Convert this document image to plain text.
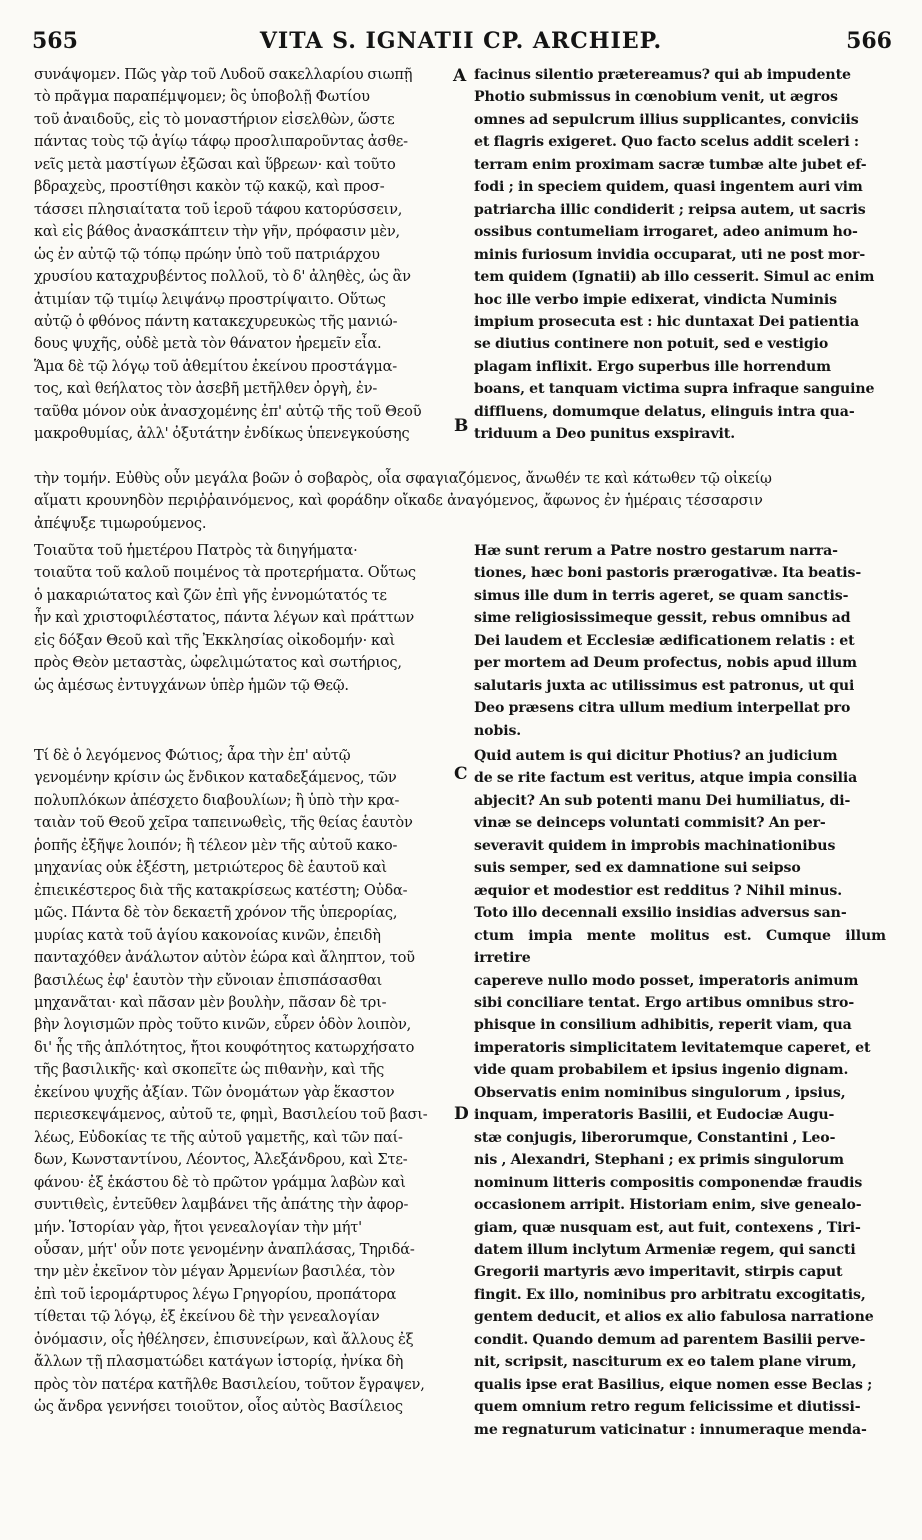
565	VITA S. IGNATII CP. ARCHIEP.	566

συνάψομεν. Πῶς γὰρ τοῦ Λυδοῦ σακελλαρίου σιωπῇ
τὸ πρᾶγμα παραπέμψομεν; ὃς ὑποβολῇ Φωτίου
τοῦ ἀναιδοῦς, εἰς τὸ μοναστήριον εἰσελθὼν, ὥστε
πάντας τοὺς τῷ ἁγίῳ τάφῳ προσλιπαροῦντας ἀσθε-
νεῖς μετὰ μαστίγων ἐξῶσαι καὶ ὕβρεων· καὶ τοῦτο
βδραχεὺς, προστίθησι κακὸν τῷ κακῷ, καὶ προσ-
τάσσει πλησιαίτατα τοῦ ἱεροῦ τάφου κατορύσσειν,
καὶ εἰς βάθος ἀνασκάπτειν τὴν γῆν, πρόφασιν μὲν,
ὡς ἐν αὐτῷ τῷ τόπῳ πρώην ὑπὸ τοῦ πατριάρχου
χρυσίου καταχρυβέντος πολλοῦ, τὸ δ' ἀληθὲς, ὡς ἂν
ἀτιμίαν τῷ τιμίῳ λειψάνῳ προστρίψαιτο. Οὕτως
αὐτῷ ὁ φθόνος πάντη κατακεχυρευκὼς τῆς μανιώ-
δους ψυχῆς, οὐδὲ μετὰ τὸν θάνατον ἠρεμεῖν εἶα.
Ἅμα δὲ τῷ λόγῳ τοῦ ἀθεμίτου ἐκείνου προστάγμα-
τος, καὶ θεήλατος τὸν ἀσεβῆ μετῆλθεν ὀργὴ, ἐν-
ταῦθα μόνον οὐκ ἀνασχομένης ἐπ' αὐτῷ τῆς τοῦ Θεοῦ
μακροθυμίας, ἀλλ' ὀξυτάτην ἐνδίκως ὑπενεγκούσης

A facinus silentio prætereamus? qui ab impudente
Photio submissus in cœnobium venit, ut ægros
omnes ad sepulcrum illius supplicantes, conviciis
et flagris exigeret. Quo facto scelus addit sceleri :
terram enim proximam sacræ tumbæ alte jubet ef-
fodi ; in speciem quidem, quasi ingentem auri vim
patriarcha illic condiderit ; reipsa autem, ut sacris
ossibus contumeliam irrogaret, adeo animum ho-
minis furiosum invidia occuparat, uti ne post mor-
tem quidem (Ignatii) ab illo cesserit. Simul ac enim
hoc ille verbo impie edixerat, vindicta Numinis
impium prosecuta est : hic duntaxat Dei patientia
se diutius continere non potuit, sed e vestigio
plagam inflixit. Ergo superbus ille horrendum
boans, et tanquam victima supra infraque sanguine
diffluens, domumque delatus, elinguis intra qua-
triduum a Deo punitus exspiravit.

B
τὴν τομήν. Εὐθὺς οὖν μεγάλα βοῶν ὁ σοβαρὸς, οἷα σφαγιαζόμενος, ἄνωθέν τε καὶ κάτωθεν τῷ οἰκείῳ
αἵματι κρουνηδὸν περιῤῥαινόμενος, καὶ φοράδην οἴκαδε ἀναγόμενος, ἄφωνος ἐν ἡμέραις τέσσαρσιν
ἀπέψυξε τιμωρούμενος.

Τοιαῦτα τοῦ ἡμετέρου Πατρὸς τὰ διηγήματα·
τοιαῦτα τοῦ καλοῦ ποιμένος τὰ προτερήματα. Οὕτως
ὁ μακαριώτατος καὶ ζῶν ἐπὶ γῆς ἐννομώτατός τε
ἦν καὶ χριστοφιλέστατος, πάντα λέγων καὶ πράττων
εἰς δόξαν Θεοῦ καὶ τῆς Ἐκκλησίας οἰκοδομήν· καὶ
πρὸς Θεὸν μεταστὰς, ὠφελιμώτατος καὶ σωτήριος,
ὡς ἀμέσως ἐντυγχάνων ὑπὲρ ἡμῶν τῷ Θεῷ.

Hæ sunt rerum a Patre nostro gestarum narra-
tiones, hæc boni pastoris prærogativæ. Ita beatis-
simus ille dum in terris ageret, se quam sanctis-
sime religiosissimeque gessit, rebus omnibus ad
Dei laudem et Ecclesiæ ædificationem relatis : et
per mortem ad Deum profectus, nobis apud illum
salutaris juxta ac utilissimus est patronus, ut qui
Deo præsens citra ullum medium interpellat pro
nobis.

C

Τί δὲ ὁ λεγόμενος Φώτιος; ἆρα τὴν ἐπ' αὐτῷ
γενομένην κρίσιν ὡς ἔνδικον καταδεξάμενος, τῶν
πολυπλόκων ἀπέσχετο διαβουλίων; ἢ ὑπὸ τὴν κρα-
ταιὰν τοῦ Θεοῦ χεῖρα ταπεινωθεὶς, τῆς θείας ἑαυτὸν
ῥοπῆς ἐξῆψε λοιπόν; ἢ τέλεον μὲν τῆς αὐτοῦ κακο-
μηχανίας οὐκ ἐξέστη, μετριώτερος δὲ ἑαυτοῦ καὶ
ἐπιεικέστερος διὰ τῆς κατακρίσεως κατέστη; Οὐδα-
μῶς. Πάντα δὲ τὸν δεκαετῆ χρόνον τῆς ὑπερορίας,
μυρίας κατὰ τοῦ ἁγίου κακονοίας κινῶν, ἐπειδὴ
πανταχόθεν ἀνάλωτον αὐτὸν ἑώρα καὶ ἄληπτον, τοῦ
βασιλέως ἐφ' ἑαυτὸν τὴν εὔνοιαν ἐπισπάσασθαι
μηχανᾶται· καὶ πᾶσαν μὲν βουλὴν, πᾶσαν δὲ τρι-
βὴν λογισμῶν πρὸς τοῦτο κινῶν, εὗρεν ὁδὸν λοιπὸν,
δι' ἧς τῆς ἁπλότητος, ἤτοι κουφότητος κατωρχήσατο
τῆς βασιλικῆς· καὶ σκοπεῖτε ὡς πιθανὴν, καὶ τῆς
ἐκείνου ψυχῆς ἀξίαν. Τῶν ὀνομάτων γὰρ ἕκαστον
περιεσκεψάμενος, αὐτοῦ τε, φημὶ, Βασιλείου τοῦ βασι-
λέως, Εὐδοκίας τε τῆς αὐτοῦ γαμετῆς, καὶ τῶν παί-
δων, Κωνσταντίνου, Λέοντος, Ἀλεξάνδρου, καὶ Στε-
φάνου· ἐξ ἑκάστου δὲ τὸ πρῶτον γράμμα λαβὼν καὶ
συντιθεὶς, ἐντεῦθεν λαμβάνει τῆς ἀπάτης τὴν ἀφορ-
μήν. Ἱστορίαν γὰρ, ἤτοι γενεαλογίαν τὴν μήτ'
οὖσαν, μήτ' οὖν ποτε γενομένην ἀναπλάσας, Τηριδά-
την μὲν ἐκεῖνον τὸν μέγαν Ἀρμενίων βασιλέα, τὸν
ἐπὶ τοῦ ἱερομάρτυρος λέγω Γρηγορίου, προπάτορα
τίθεται τῷ λόγῳ, ἐξ ἐκείνου δὲ τὴν γενεαλογίαν
ὀνόμασιν, οἷς ἠθέλησεν, ἐπισυνείρων, καὶ ἄλλους ἐξ
ἄλλων τῇ πλασματώδει κατάγων ἱστορίᾳ, ἠνίκα δὴ
πρὸς τὸν πατέρα κατῆλθε Βασιλείου, τοῦτον ἔγραψεν,
ὡς ἄνδρα γεννήσει τοιοῦτον, οἷος αὐτὸς Βασίλειος

Quid autem is qui dicitur Photius? an judicium
de se rite factum est veritus, atque impia consilia
abjecit? An sub potenti manu Dei humiliatus, di-
vinæ se deinceps voluntati commisit? An per-
severavit quidem in improbis machinationibus
suis semper, sed ex damnatione sui seipso
æquior et modestior est redditus ? Nihil minus.
Toto illo decennali exsilio insidias adversus san-
ctum impia mente molitus est. Cumque illum irretire
capereve nullo modo posset, imperatoris animum
sibi conciliare tentat. Ergo artibus omnibus stro-
phisque in consilium adhibitis, reperit viam, qua
imperatoris simplicitatem levitatemque caperet, et
vide quam probabilem et ipsius ingenio dignam.
Observatis enim nominibus singulorum , ipsius,
inquam, imperatoris Basilii, et Eudociæ Augu-
stæ conjugis, liberorumque, Constantini , Leo-
nis , Alexandri, Stephani ; ex primis singulorum
nominum litteris compositis componendæ fraudis
occasionem arripit. Historiam enim, sive genealo-
giam, quæ nusquam est, aut fuit, contexens , Tiri-
datem illum inclytum Armeniæ regem, qui sancti
Gregorii martyris ævo imperitavit, stirpis caput
fingit. Ex illo, nominibus pro arbitratu excogitatis,
gentem deducit, et alios ex alio fabulosa narratione
condit. Quando demum ad parentem Basilii perve-
nit, scripsit, nasciturum ex eo talem plane virum,
qualis ipse erat Basilius, eique nomen esse Beclas ;
quem omnium retro regum felicissime et diutissi-
me regnaturum vaticinatur : innumeraque menda-

D
